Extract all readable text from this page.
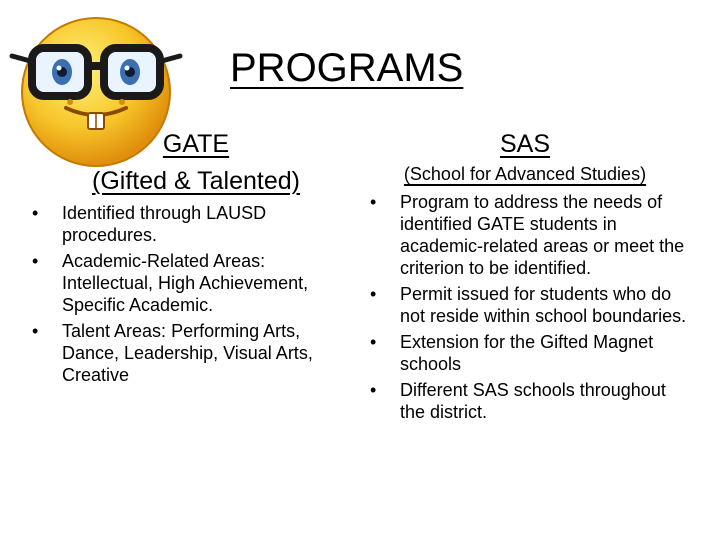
PROGRAMS
GATE
(Gifted & Talented)
SAS
(School for Advanced Studies)
• Identified through LAUSD procedures.
• Academic-Related Areas: Intellectual, High Achievement, Specific Academic.
• Talent Areas: Performing Arts, Dance, Leadership, Visual Arts, Creative
• Program to address the needs of identified GATE students in academic-related areas or meet the criterion to be identified.
• Permit issued for students who do not reside within school boundaries.
• Extension for the Gifted Magnet schools
• Different SAS schools throughout the district.
